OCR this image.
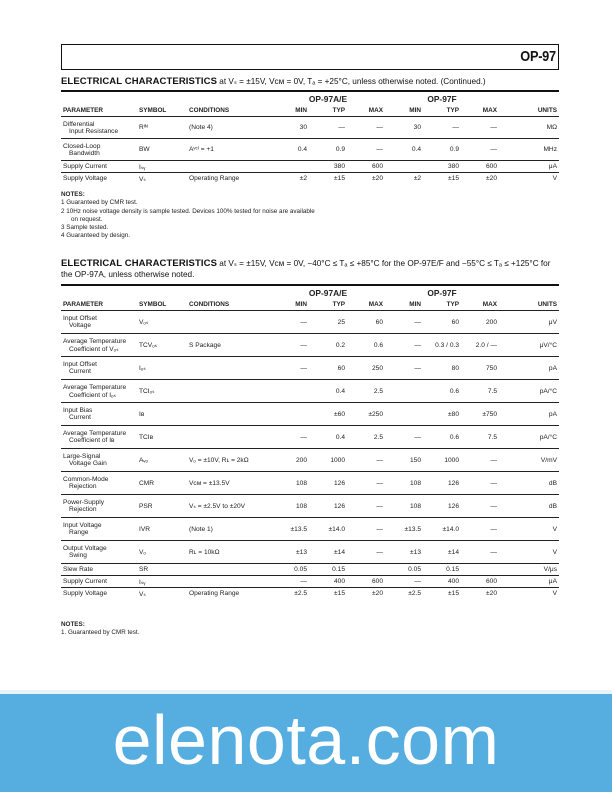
OP-97
ELECTRICAL CHARACTERISTICS at Vₛ = ±15V, Vᴄᴍ = 0V, Tₐ = +25°C, unless otherwise noted. (Continued.)
			OP-97A/E			OP-97F			
PARAMETER	SYMBOL	CONDITIONS	MIN	TYP	MAX	MIN	TYP	MAX	UNITS

Differential
Input Resistance	Rᴵᴺ	(Note 4)	30	—	—	30	—	—	MΩ

Closed-Loop
Bandwidth	BW	Aᵛᶜˡ = +1	0.4	0.9	—	0.4	0.9	—	MHz

Supply Current	Iₛᵧ			380	600		380	600	μA

Supply Voltage	Vₛ	Operating Range	±2	±15	±20	±2	±15	±20	V
NOTES:
1 Guaranteed by CMR test.
2 10Hz noise voltage density is sample tested. Devices 100% tested for noise are available on request.
3 Sample tested.
4 Guaranteed by design.
ELECTRICAL CHARACTERISTICS at Vₛ = ±15V, Vᴄᴍ = 0V, −40°C ≤ Tₐ ≤ +85°C for the OP-97E/F and −55°C ≤ Tₐ ≤ +125°C for the OP-97A, unless otherwise noted.
			OP-97A/E			OP-97F			
PARAMETER	SYMBOL	CONDITIONS	MIN	TYP	MAX	MIN	TYP	MAX	UNITS

Input Offset
Voltage	Vₒₛ		—	25	60	—	60	200	μV

Average Temperature
Coefficient of Vₒₛ	TCVₒₛ	S Package	—	0.2	0.6	—	0.3 / 0.3	2.0 / —	μV/°C

Input Offset
Current	Iₒₛ		—	60	250	—	80	750	pA

Average Temperature
Coefficient of Iₒₛ	TCIₒₛ			0.4	2.5		0.6	7.5	pA/°C

Input Bias
Current	Iʙ			±60	±250		±80	±750	pA

Average Temperature
Coefficient of Iʙ	TCIʙ		—	0.4	2.5	—	0.6	7.5	pA/°C

Large-Signal
Voltage Gain	Aᵥₒ	Vₒ = ±10V, Rʟ = 2kΩ	200	1000	—	150	1000	—	V/mV

Common-Mode
Rejection	CMR	Vᴄᴍ = ±13.5V	108	126	—	108	126	—	dB

Power-Supply
Rejection	PSR	Vₛ = ±2.5V to ±20V	108	126	—	108	126	—	dB

Input Voltage
Range	IVR	(Note 1)	±13.5	±14.0	—	±13.5	±14.0	—	V

Output Voltage
Swing	Vₒ	Rʟ = 10kΩ	±13	±14	—	±13	±14	—	V

Slew Rate	SR		0.05	0.15		0.05	0.15		V/μs

Supply Current	Iₛᵧ		—	400	600	—	400	600	μA

Supply Voltage	Vₛ	Operating Range	±2.5	±15	±20	±2.5	±15	±20	V
NOTES:
1. Guaranteed by CMR test.
elenota.com
